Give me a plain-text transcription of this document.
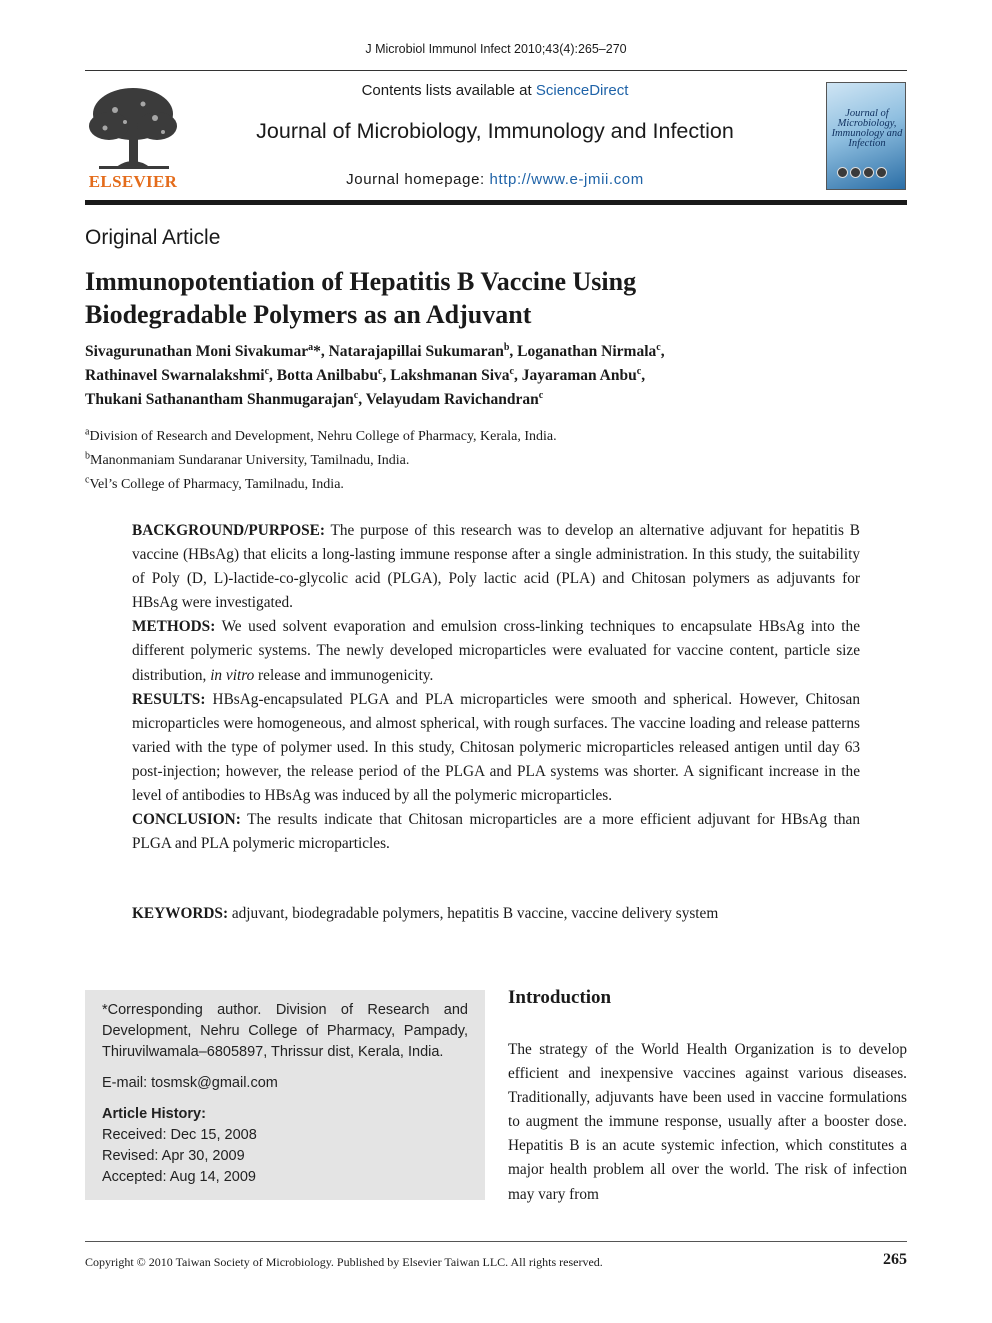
J Microbiol Immunol Infect 2010;43(4):265–270
ELSEVIER
Contents lists available at ScienceDirect
Journal of Microbiology, Immunology and Infection
Journal homepage: http://www.e-jmii.com
Journal of Microbiology, Immunology and Infection
Original Article
Immunopotentiation of Hepatitis B Vaccine Using
Biodegradable Polymers as an Adjuvant
Sivagurunathan Moni Sivakumar$^a$*, Natarajapillai Sukumaran$^b$, Loganathan Nirmala$^c$,
Rathinavel Swarnalakshmi$^c$, Botta Anilbabu$^c$, Lakshmanan Siva$^c$, Jayaraman Anbu$^c$,
Thukani Sathanantham Shanmugarajan$^c$, Velayudam Ravichandran$^c$
$^a$Division of Research and Development, Nehru College of Pharmacy, Kerala, India.
$^b$Manonmaniam Sundaranar University, Tamilnadu, India.
$^c$Vel’s College of Pharmacy, Tamilnadu, India.

BACKGROUND/PURPOSE: The purpose of this research was to develop an alternative adjuvant for hepatitis B vaccine (HBsAg) that elicits a long-lasting immune response after a single administration. In this study, the suitability of Poly (D, L)-lactide-co-glycolic acid (PLGA), Poly lactic acid (PLA) and Chitosan polymers as adjuvants for HBsAg were investigated.

METHODS: We used solvent evaporation and emulsion cross-linking techniques to encapsulate HBsAg into the different polymeric systems. The newly developed microparticles were evaluated for vaccine content, particle size distribution, in vitro release and immunogenicity.

RESULTS: HBsAg-encapsulated PLGA and PLA microparticles were smooth and spherical. However, Chitosan microparticles were homogeneous, and almost spherical, with rough surfaces. The vaccine loading and release patterns varied with the type of polymer used. In this study, Chitosan polymeric microparticles released antigen until day 63 post-injection; however, the release period of the PLGA and PLA systems was shorter. A significant increase in the level of antibodies to HBsAg was induced by all the polymeric microparticles.

CONCLUSION: The results indicate that Chitosan microparticles are a more efficient adjuvant for HBsAg than PLGA and PLA polymeric microparticles.

KEYWORDS: adjuvant, biodegradable polymers, hepatitis B vaccine, vaccine delivery system

*Corresponding author. Division of Research and Development, Nehru College of Pharmacy, Pampady, Thiruvilwamala–6805897, Thrissur dist, Kerala, India.

E-mail: tosmsk@gmail.com

Article History:

Received: Dec 15, 2008

Revised: Apr 30, 2009

Accepted: Aug 14, 2009

Introduction
The strategy of the World Health Organization is to develop efficient and inexpensive vaccines against various diseases. Traditionally, adjuvants have been used in vaccine formulations to augment the immune response, usually after a booster dose. Hepatitis B is an acute systemic infection, which constitutes a major health problem all over the world. The risk of infection may vary from
Copyright © 2010 Taiwan Society of Microbiology. Published by Elsevier Taiwan LLC. All rights reserved.	265
